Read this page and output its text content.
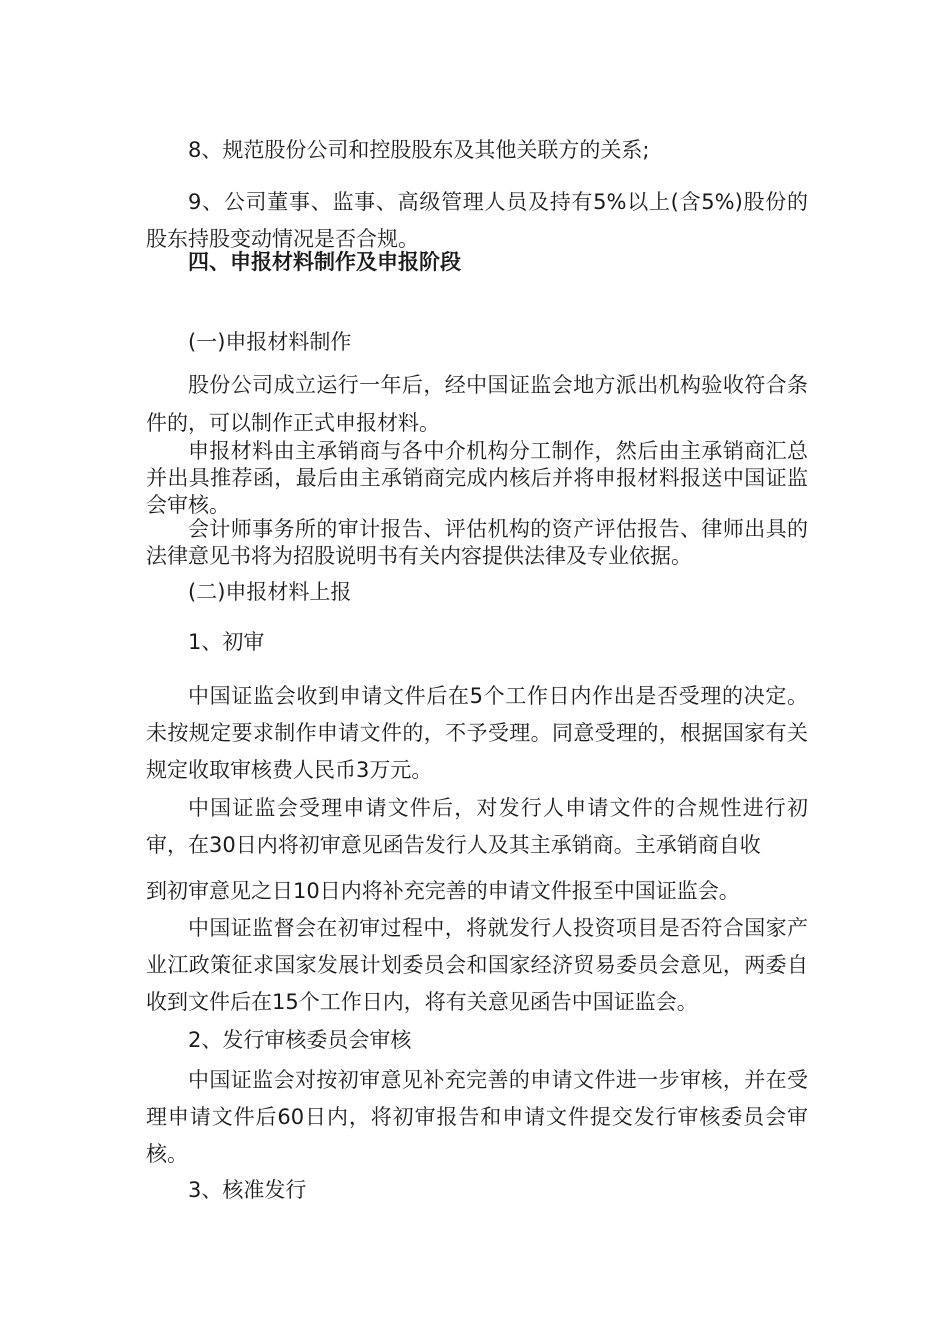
8、规范股份公司和控股股东及其他关联方的关系;

9、公司董事、监事、高级管理人员及持有5%以上(含5%)股份的股东持股变动情况是否合规。

四、申报材料制作及申报阶段

(一)申报材料制作

股份公司成立运行一年后，经中国证监会地方派出机构验收符合条件的，可以制作正式申报材料。

申报材料由主承销商与各中介机构分工制作，然后由主承销商汇总并出具推荐函，最后由主承销商完成内核后并将申报材料报送中国证监会审核。

会计师事务所的审计报告、评估机构的资产评估报告、律师出具的法律意见书将为招股说明书有关内容提供法律及专业依据。

(二)申报材料上报

1、初审

中国证监会收到申请文件后在5个工作日内作出是否受理的决定。未按规定要求制作申请文件的，不予受理。同意受理的，根据国家有关规定收取审核费人民币3万元。

中国证监会受理申请文件后，对发行人申请文件的合规性进行初审，在30日内将初审意见函告发行人及其主承销商。主承销商自收

到初审意见之日10日内将补充完善的申请文件报至中国证监会。

中国证监督会在初审过程中，将就发行人投资项目是否符合国家产业江政策征求国家发展计划委员会和国家经济贸易委员会意见，两委自收到文件后在15个工作日内，将有关意见函告中国证监会。

2、发行审核委员会审核

中国证监会对按初审意见补充完善的申请文件进一步审核，并在受理申请文件后60日内，将初审报告和申请文件提交发行审核委员会审核。

3、核准发行
